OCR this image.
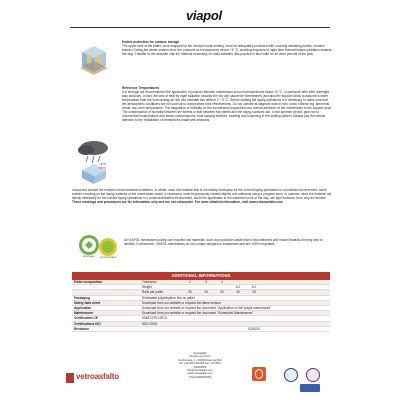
viapol
Pallets protection for outdoor storage
The upper face of the pallet, once wrapped by the invoiced solar heating, must be adequately protected with covering insulating panels, wooden boards. During the winter season store the products at a temperature above +5 °C, avoiding exposure to night-time thermal losses (radiation towards the sky). Transfer to the worksite only the material necessary for daily activities; this practice is also valid for all other periods of the year.
+5°C
≈5°C
Reference Temperatures
It is strongly not recommended the application of polymer-bitumen membranes at room temperatures below +5 °C, in particular after their overnight stay outdoors. In fact, the loss of heat by night radiation towards the sky can cause the membranes (and also the support deck) to assume a lower temperature than the surrounding air. We can estimate this delta in 2 ÷ 5 °C. Before starting the laying operations it is necessary to make sure that the atmospheric conditions are not such as to compromise their effectiveness. Do not operate at stagnant work in rain, snow, intense fog, abnormal winds, low room temperature. The stagnation of humidity on the membranes jeopardizes the normal adhesion of the membranes to the support deck. The condensation of humidity between the sheets or that between the sheets and the laying surfaces can, in the summer period, give rise to uncontrolled evaporations and steam overpressures, thus causing bubbles, swelling and loosening in the sealing system. Always pay the utmost attention to the installation of membranes made with seasonal
compound outside the foreseen environmental conditions. In winter, store the material that is not strictly necessary for the current laying operations in a protected environment, avoid sudden unrolling on the laying surfaces of the membranes which, if necessary, must be previously heated slightly and uniformly using a propane torch. In summer, store the material not strictly necessary for the current laying operations in a protected/shaded environment, avoid the application in the warmest hours of the day, use light footwear, burn only as needed.
These markings and procedures are for information only and are not exhaustive. For more detailed information, visit www.retsoasfalto.com
RECICLABLE	ECOSOSTENIBILE
All VIAPOL membranes partly use recycled raw materials, such as production waste that is reconditioned and reused instead of being sent to landfills. Furthermore, VIAPOL membranes do not contain dangerous substances and are 100% recyclable.
ADDITIONAL INFORMATIONS
Pallet composition	Thickness	2	3	4
Weight	4,0	5,0
Rolls per pallet	30	25	20	30	25
Packaging	Shrinkable polyethylene film on pallet
Safety data sheet	Download from our website or request the latest version
Application	Download from our website or request the document "Application of the Viapol membranes"
Maintenance	Download from our website or request the document "Scheduled Maintenance"
Certification CE	0048-CPR-10074
Certifications ISO	9001:2015
Revisione	02/2020
vetroasfalto
Vetroasfalto
Società per Azioni
Via Romana, 1 - 00000 Ravenna (RA)
Tel. +39 0544 000000 Fax +39 0544
000000000
info@retsoasfalto.com
www.retsoasfalto.com
P.IVA 00000000000
